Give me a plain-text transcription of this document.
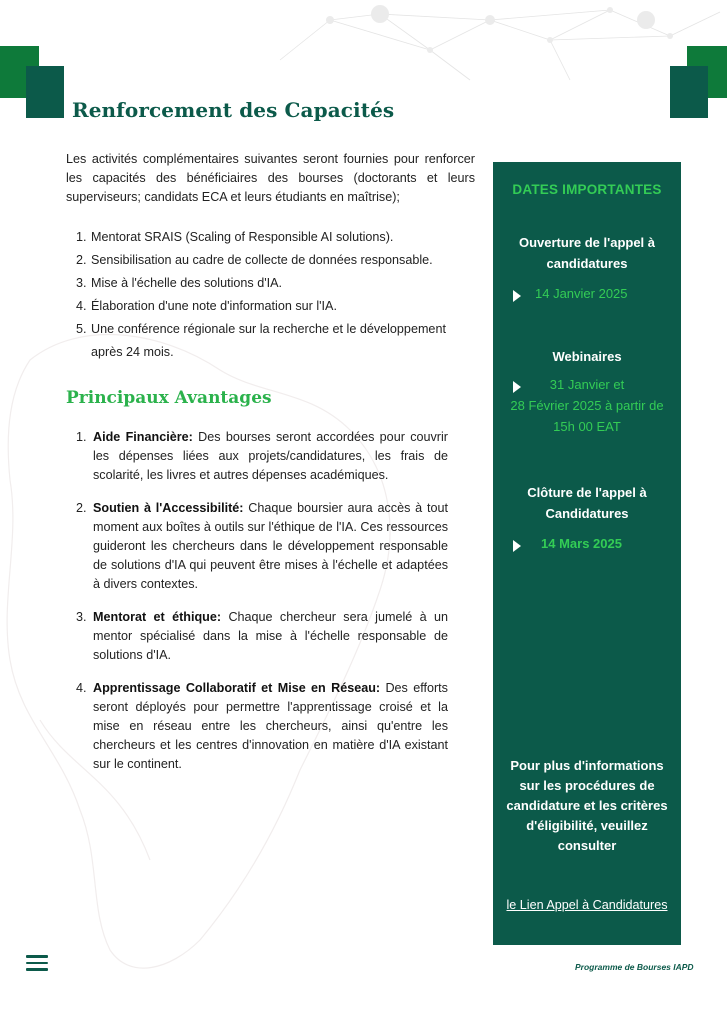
Renforcement des Capacités

Les activités complémentaires suivantes seront fournies pour renforcer les capacités des bénéficiaires des bourses (doctorants et leurs superviseurs; candidats ECA et leurs étudiants en maîtrise);

1. Mentorat SRAIS (Scaling of Responsible AI solutions).
2. Sensibilisation au cadre de collecte de données responsable.
3. Mise à l'échelle des solutions d'IA.
4. Élaboration d'une note d'information sur l'IA.
5. Une conférence régionale sur la recherche et le développement après 24 mois.
Principaux Avantages
1. Aide Financière: Des bourses seront accordées pour couvrir les dépenses liées aux projets/candidatures, les frais de scolarité, les livres et autres dépenses académiques.
2. Soutien à l'Accessibilité: Chaque boursier aura accès à tout moment aux boîtes à outils sur l'éthique de l'IA. Ces ressources guideront les chercheurs dans le développement responsable de solutions d'IA qui peuvent être mises à l'échelle et adaptées à divers contextes.
3. Mentorat et éthique: Chaque chercheur sera jumelé à un mentor spécialisé dans la mise à l'échelle responsable de solutions d'IA.
4. Apprentissage Collaboratif et Mise en Réseau: Des efforts seront déployés pour permettre l'apprentissage croisé et la mise en réseau entre les chercheurs, ainsi qu'entre les chercheurs et les centres d'innovation en matière d'IA existant sur le continent.
DATES IMPORTANTES
Ouverture de l'appel à candidatures
14 Janvier 2025
Webinaires
31 Janvier et
28 Février 2025 à partir de
15h 00 EAT
Clôture de l'appel à Candidatures
14 Mars 2025
Pour plus d'informations sur les procédures de candidature et les critères d'éligibilité, veuillez consulter
le Lien Appel à Candidatures
Programme de Bourses IAPD
